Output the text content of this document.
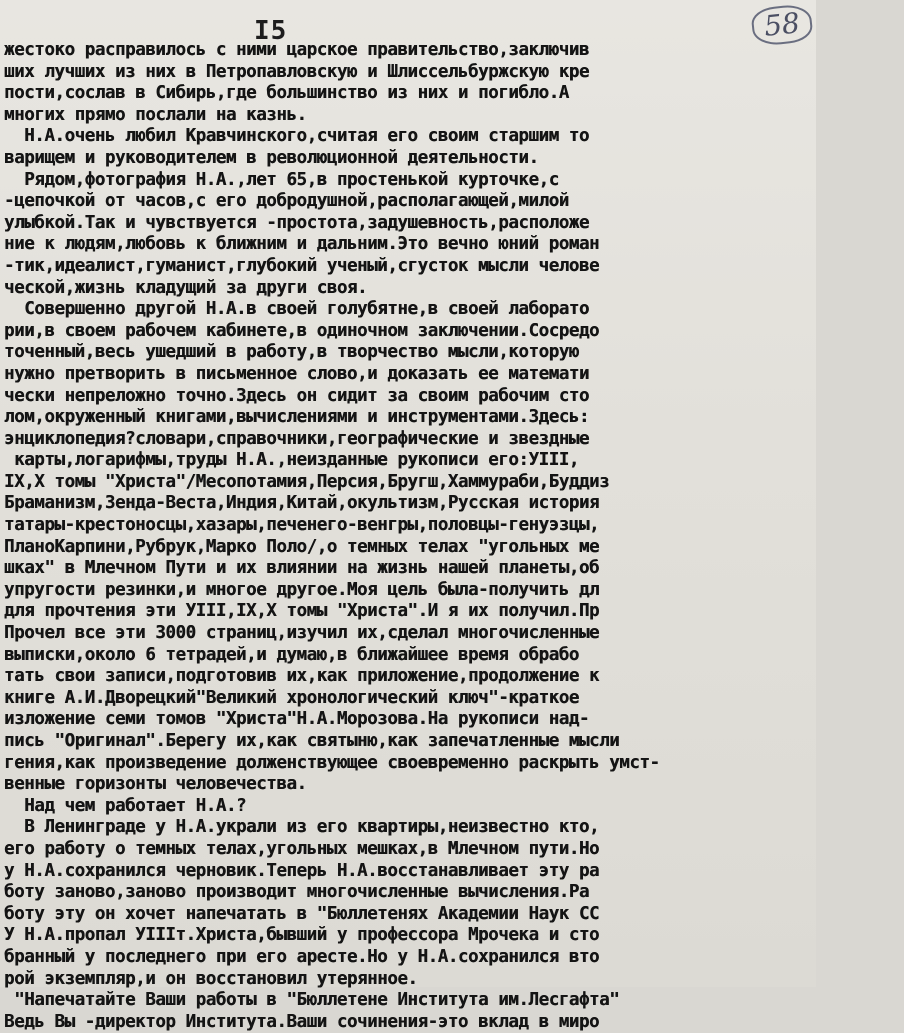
I5	58
жестоко расправилось с ними царское правительство,заключив
ших лучших из них в Петропавловскую и Шлиссельбуржскую кре
пости,сослав в Сибирь,где большинство из них и погибло.А
многих прямо послали на казнь.
Н.А.очень любил Кравчинского,считая его своим старшим то
варищем и руководителем в революционной деятельности.
Рядом,фотография Н.А.,лет 65,в простенькой курточке,с
-цепочкой от часов,с его добродушной,располагающей,милой
улыбкой.Так и чувствуется -простота,задушевность,расположе
ние к людям,любовь к ближним и дальним.Это вечно юний роман
-тик,идеалист,гуманист,глубокий ученый,сгусток мысли челове
ческой,жизнь кладущий за други своя.
Совершенно другой Н.А.в своей голубятне,в своей лаборато
рии,в своем рабочем кабинете,в одиночном заключении.Сосредо
точенный,весь ушедший в работу,в творчество мысли,которую
нужно претворить в письменное слово,и доказать ее математи
чески непреложно точно.Здесь он сидит за своим рабочим сто
лом,окруженный книгами,вычислениями и инструментами.Здесь:
энциклопедия?словари,справочники,географические и звездные
карты,логарифмы,труды Н.А.,неизданные рукописи его:УIII,
IX,Х томы "Христа"/Месопотамия,Персия,Бругш,Хаммураби,Буддиз
Браманизм,Зенда-Веста,Индия,Китай,окультизм,Русская история
татары-крестоносцы,хазары,печенего-венгры,половцы-генуэзцы,
ПланоКарпини,Рубрук,Марко Поло/,о темных телах "угольных ме
шках" в Млечном Пути и их влиянии на жизнь нашей планеты,об
упругости резинки,и многое другое.Моя цель была-получить дл
для прочтения эти УIII,IX,Х томы "Христа".И я их получил.Пр
Прочел все эти 3000 страниц,изучил их,сделал многочисленные
выписки,около 6 тетрадей,и думаю,в ближайшее время обрабо
тать свои записи,подготовив их,как приложение,продолжение к
книге А.И.Дворецкий"Великий хронологический ключ"-краткое
изложение семи томов "Христа"Н.А.Морозова.На рукописи над-
пись "Оригинал".Берегу их,как святыню,как запечатленные мысли
гения,как произведение долженствующее своевременно раскрыть умст-
венные горизонты человечества.
Над чем работает Н.А.?
В Ленинграде у Н.А.украли из его квартиры,неизвестно кто,
его работу о темных телах,угольных мешках,в Млечном пути.Но
у Н.А.сохранился черновик.Теперь Н.А.восстанавливает эту ра
боту заново,заново производит многочисленные вычисления.Ра
боту эту он хочет напечатать в "Бюллетенях Академии Наук СС
У Н.А.пропал УIIIт.Христа,бывший у профессора Мрочека и сто
бранный у последнего при его аресте.Но у Н.А.сохранился вто
рой экземпляр,и он восстановил утерянное.
"Напечатайте Ваши работы в "Бюллетене Института им.Лесгафта"
Ведь Вы -директор Института.Ваши сочинения-это вклад в миро
